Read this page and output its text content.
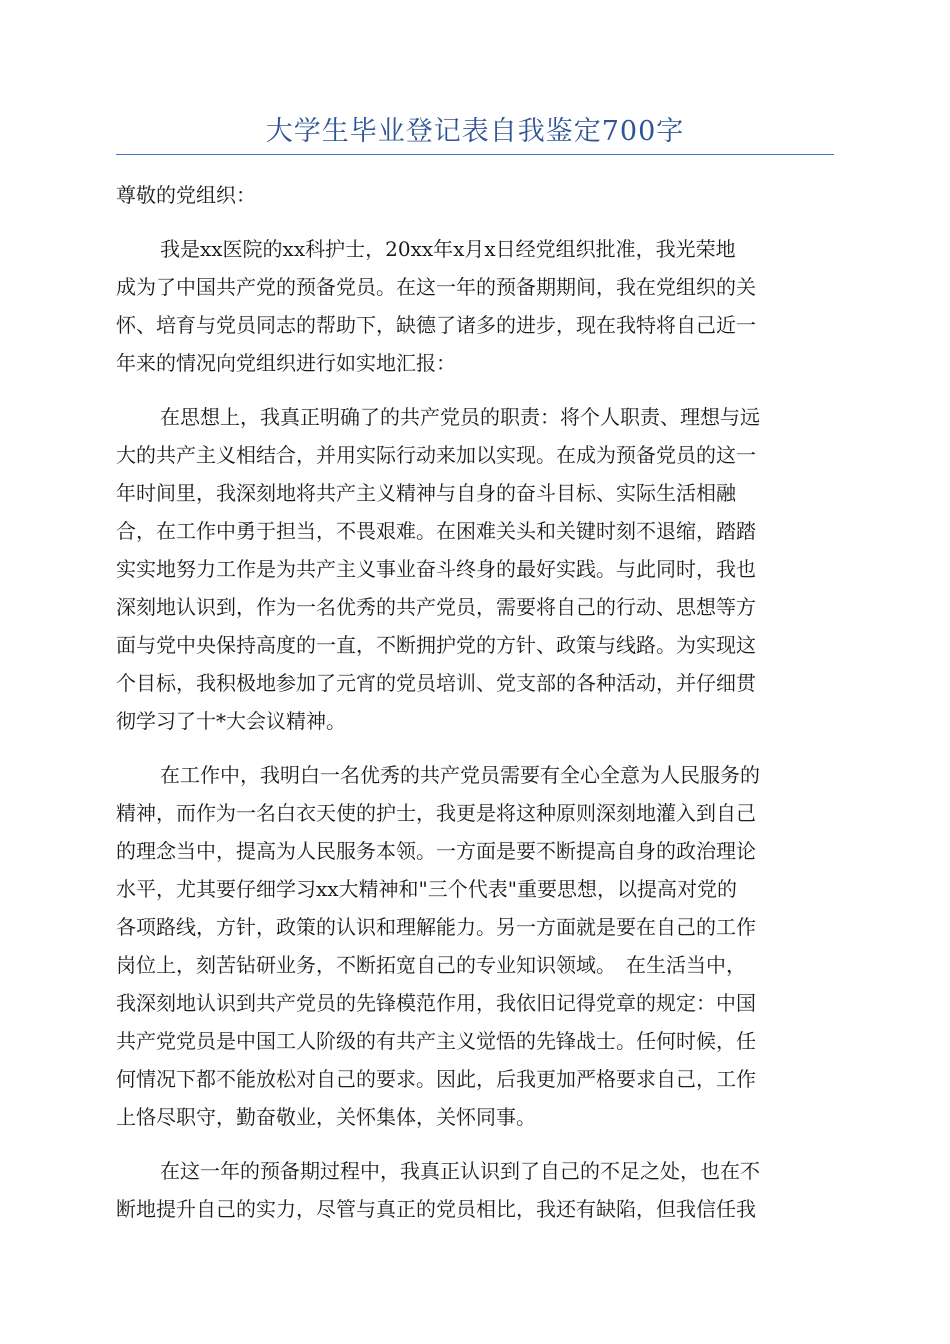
大学生毕业登记表自我鉴定700字
尊敬的党组织：
我是xx医院的xx科护士，20xx年x月x日经党组织批准，我光荣地
成为了中国共产党的预备党员。在这一年的预备期期间，我在党组织的关
怀、培育与党员同志的帮助下，缺德了诸多的进步，现在我特将自己近一
年来的情况向党组织进行如实地汇报：
在思想上，我真正明确了的共产党员的职责：将个人职责、理想与远
大的共产主义相结合，并用实际行动来加以实现。在成为预备党员的这一
年时间里，我深刻地将共产主义精神与自身的奋斗目标、实际生活相融
合，在工作中勇于担当，不畏艰难。在困难关头和关键时刻不退缩，踏踏
实实地努力工作是为共产主义事业奋斗终身的最好实践。与此同时，我也
深刻地认识到，作为一名优秀的共产党员，需要将自己的行动、思想等方
面与党中央保持高度的一直，不断拥护党的方针、政策与线路。为实现这
个目标，我积极地参加了元宵的党员培训、党支部的各种活动，并仔细贯
彻学习了十*大会议精神。
在工作中，我明白一名优秀的共产党员需要有全心全意为人民服务的
精神，而作为一名白衣天使的护士，我更是将这种原则深刻地灌入到自己
的理念当中，提高为人民服务本领。一方面是要不断提高自身的政治理论
水平，尤其要仔细学习xx大精神和"三个代表"重要思想，以提高对党的
各项路线，方针，政策的认识和理解能力。另一方面就是要在自己的工作
岗位上，刻苦钻研业务，不断拓宽自己的专业知识领域。　在生活当中，
我深刻地认识到共产党员的先锋模范作用，我依旧记得党章的规定：中国
共产党党员是中国工人阶级的有共产主义觉悟的先锋战士。任何时候，任
何情况下都不能放松对自己的要求。因此，后我更加严格要求自己，工作
上恪尽职守，勤奋敬业，关怀集体，关怀同事。
在这一年的预备期过程中，我真正认识到了自己的不足之处，也在不
断地提升自己的实力，尽管与真正的党员相比，我还有缺陷，但我信任我
